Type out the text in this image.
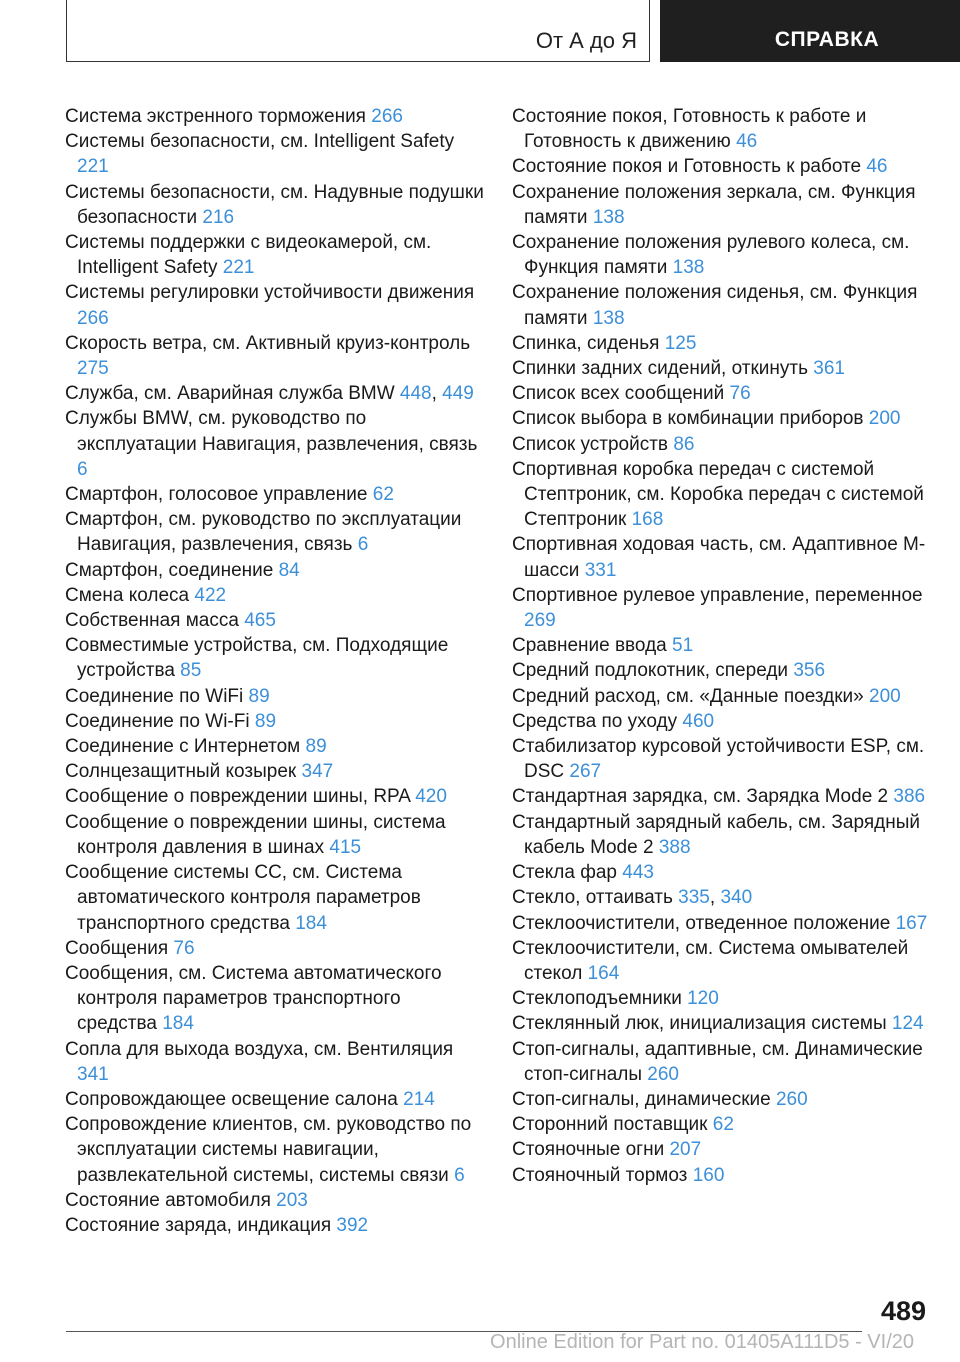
От А до Я	СПРАВКА
Система экстренного торможения 266
Системы безопасности, см. Intelligent Safety 221
Системы безопасности, см. Надувные подушки безопасности 216
Системы поддержки с видеокамерой, см. Intelligent Safety 221
Системы регулировки устойчивости движения 266
Скорость ветра, см. Активный круиз-контроль 275
Служба, см. Аварийная служба BMW 448, 449
Службы BMW, см. руководство по эксплуатации Навигация, развлечения, связь 6
Смартфон, голосовое управление 62
Смартфон, см. руководство по эксплуатации Навигация, развлечения, связь 6
Смартфон, соединение 84
Смена колеса 422
Собственная масса 465
Совместимые устройства, см. Подходящие устройства 85
Соединение по WiFi 89
Соединение по Wi-Fi 89
Соединение с Интернетом 89
Солнцезащитный козырек 347
Сообщение о повреждении шины, RPA 420
Сообщение о повреждении шины, система контроля давления в шинах 415
Сообщение системы CC, см. Система автоматического контроля параметров транспортного средства 184
Сообщения 76
Сообщения, см. Система автоматического контроля параметров транспортного средства 184
Сопла для выхода воздуха, см. Вентиляция 341
Сопровождающее освещение салона 214
Сопровождение клиентов, см. руководство по эксплуатации системы навигации, развлекательной системы, системы связи 6
Состояние автомобиля 203
Состояние заряда, индикация 392
Состояние покоя, Готовность к работе и Готовность к движению 46
Состояние покоя и Готовность к работе 46
Сохранение положения зеркала, см. Функция памяти 138
Сохранение положения рулевого колеса, см. Функция памяти 138
Сохранение положения сиденья, см. Функция памяти 138
Спинка, сиденья 125
Спинки задних сидений, откинуть 361
Список всех сообщений 76
Список выбора в комбинации приборов 200
Список устройств 86
Спортивная коробка передач с системой Стептроник, см. Коробка передач с системой Стептроник 168
Спортивная ходовая часть, см. Адаптивное M-шасси 331
Спортивное рулевое управление, переменное 269
Сравнение ввода 51
Средний подлокотник, спереди 356
Средний расход, см. «Данные поездки» 200
Средства по уходу 460
Стабилизатор курсовой устойчивости ESP, см. DSC 267
Стандартная зарядка, см. Зарядка Mode 2 386
Стандартный зарядный кабель, см. Зарядный кабель Mode 2 388
Стекла фар 443
Стекло, оттаивать 335, 340
Стеклоочистители, отведенное положение 167
Стеклоочистители, см. Система омывателей стекол 164
Стеклоподъемники 120
Стеклянный люк, инициализация системы 124
Стоп-сигналы, адаптивные, см. Динамические стоп-сигналы 260
Стоп-сигналы, динамические 260
Сторонний поставщик 62
Стояночные огни 207
Стояночный тормоз 160
489
Online Edition for Part no. 01405A111D5 - VI/20
